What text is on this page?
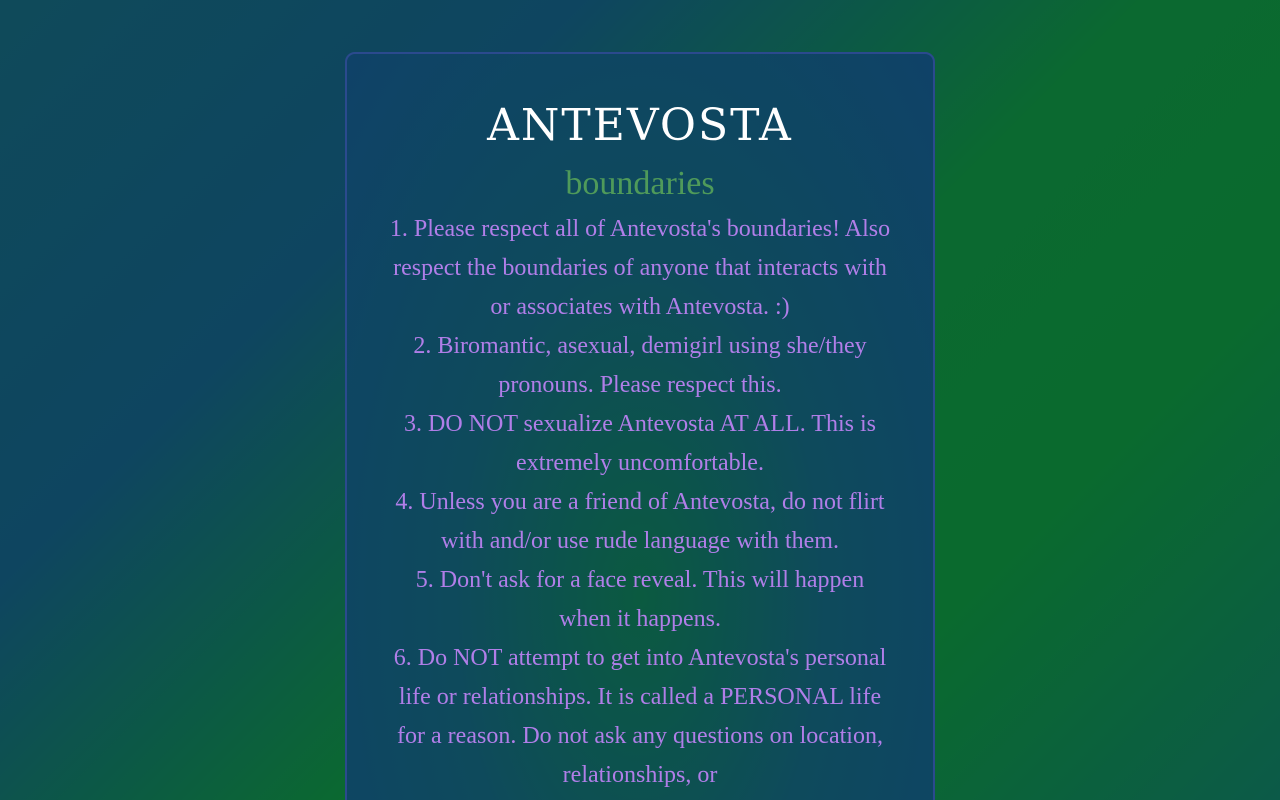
ANTEVOSTA
boundaries
1. Please respect all of Antevosta's boundaries! Also respect the boundaries of anyone that interacts with or associates with Antevosta. :)
2. Biromantic, asexual, demigirl using she/they pronouns. Please respect this.
3. DO NOT sexualize Antevosta AT ALL. This is extremely uncomfortable.
4. Unless you are a friend of Antevosta, do not flirt with and/or use rude language with them.
5. Don't ask for a face reveal. This will happen when it happens.
6. Do NOT attempt to get into Antevosta's personal life or relationships. It is called a PERSONAL life for a reason. Do not ask any questions on location, relationships, or
